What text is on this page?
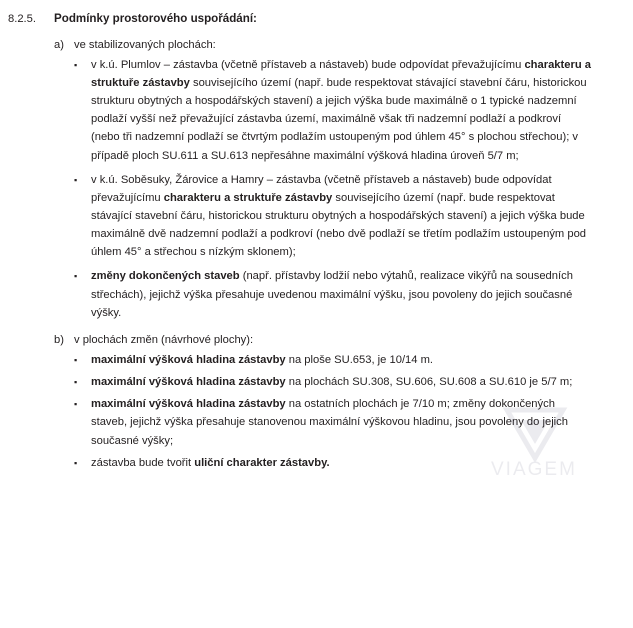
8.2.5.	Podmínky prostorového uspořádání:
a) ve stabilizovaných plochách:
▪	v k.ú. Plumlov – zástavba (včetně přístaveb a nástaveb) bude odpovídat převažujícímu charakteru a struktuře zástavby souvisejícího území (např. bude respektovat stávající stavební čáru, historickou strukturu obytných a hospodářských stavení) a jejich výška bude maximálně o 1 typické nadzemní podlaží vyšší než převažující zástavba území, maximálně však tři nadzemní podlaží a podkroví (nebo tři nadzemní podlaží se čtvrtým podlažím ustoupeným pod úhlem 45° s plochou střechou); v případě ploch SU.611 a SU.613 nepřesáhne maximální výšková hladina úroveň 5/7 m;
▪	v k.ú. Soběsuky, Žárovice a Hamry – zástavba (včetně přístaveb a nástaveb) bude odpovídat převažujícímu charakteru a struktuře zástavby souvisejícího území (např. bude respektovat stávající stavební čáru, historickou strukturu obytných a hospodářských stavení) a jejich výška bude maximálně dvě nadzemní podlaží a podkroví (nebo dvě podlaží se třetím podlažím ustoupeným pod úhlem 45° a střechou s nízkým sklonem);
▪	změny dokončených staveb (např. přístavby lodžií nebo výtahů, realizace vikýřů na sousedních střechách), jejichž výška přesahuje uvedenou maximální výšku, jsou povoleny do jejich současné výšky.
b) v plochách změn (návrhové plochy):
▪	maximální výšková hladina zástavby na ploše SU.653, je 10/14 m.
▪	maximální výšková hladina zástavby na plochách SU.308, SU.606, SU.608 a SU.610 je 5/7 m;
▪	maximální výšková hladina zástavby na ostatních plochách je 7/10 m; změny dokončených staveb, jejichž výška přesahuje stanovenou maximální výškovou hladinu, jsou povoleny do jejich současné výšky;
▪	zástavba bude tvořit uliční charakter zástavby.	VIAGEM
